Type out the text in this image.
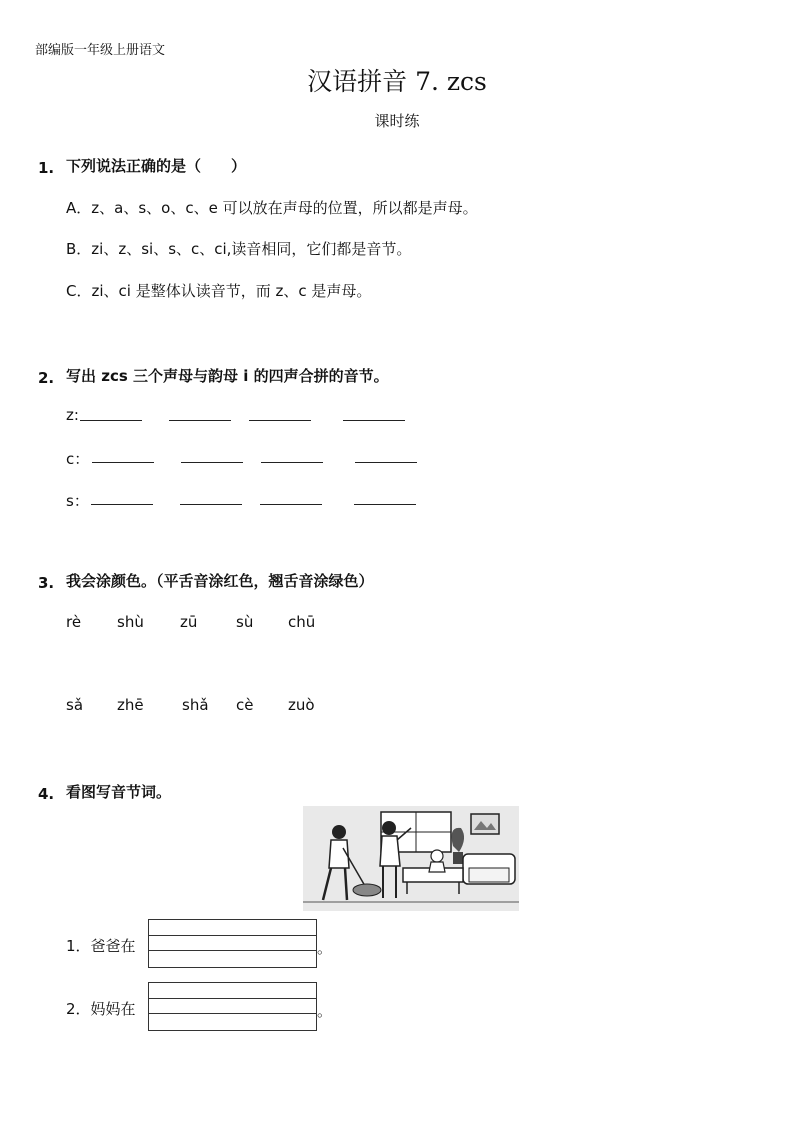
部编版一年级上册语文
汉语拼音 7. zcs
课时练
1. 下列说法正确的是（　　）
A．z、a、s、o、c、e 可以放在声母的位置，所以都是声母。
B．zi、z、si、s、c、ci,读音相同，它们都是音节。
C．zi、ci 是整体认读音节，而 z、c 是声母。
2. 写出 zcs 三个声母与韵母 i 的四声合拼的音节。
z:

c：

s：

3. 我会涂颜色。（平舌音涂红色，翘舌音涂绿色）
rè shù zū	sù chū
sǎ zhē	shǎ cè zuò
4. 看图写音节词。
1．爸爸在	。
2．妈妈在	。
